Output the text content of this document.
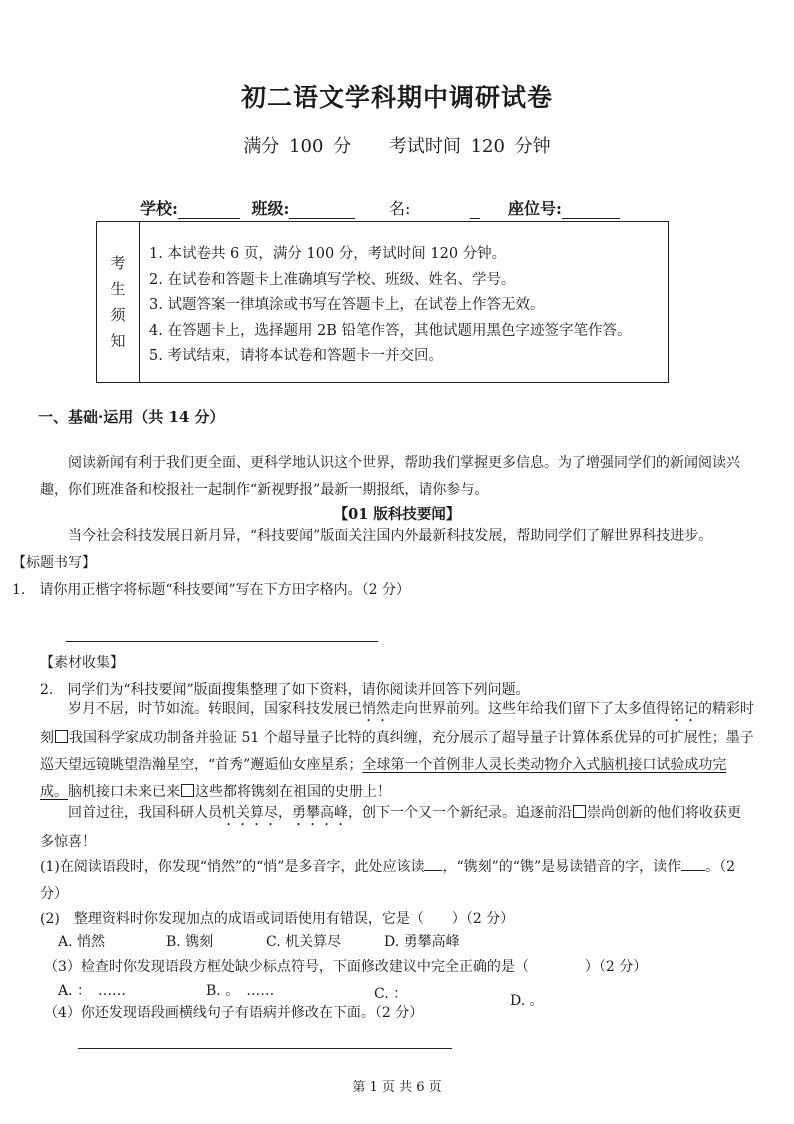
初二语文学科期中调研试卷
满分 100 分 考试时间 120 分钟
学校:	班级:	名:	座位号:
考
生
须
知
1. 本试卷共 6 页，满分 100 分，考试时间 120 分钟。
2. 在试卷和答题卡上准确填写学校、班级、姓名、学号。
3. 试题答案一律填涂或书写在答题卡上，在试卷上作答无效。
4. 在答题卡上，选择题用 2B 铅笔作答，其他试题用黑色字迹签字笔作答。
5. 考试结束，请将本试卷和答题卡一并交回。
一、基础·运用（共 14 分）
阅读新闻有利于我们更全面、更科学地认识这个世界，帮助我们掌握更多信息。为了增强同学们的新闻阅读兴趣，你们班准备和校报社一起制作“新视野报”最新一期报纸，请你参与。
【01 版科技要闻】
当今社会科技发展日新月异，“科技要闻”版面关注国内外最新科技发展，帮助同学们了解世界科技进步。
【标题书写】
1.　请你用正楷字将标题“科技要闻”写在下方田字格内。（2 分）
【素材收集】
2.　同学们为“科技要闻”版面搜集整理了如下资料，请你阅读并回答下列问题。
岁月不居，时节如流。转眼间，国家科技发展已悄然走向世界前列。这些年给我们留下了太多值得铭记的精彩时刻 我国科学家成功制备并验证 51 个超导量子比特的真纠缠，充分展示了超导量子计算体系优异的可扩展性；墨子巡天望远镜眺望浩瀚星空，“首秀”邂逅仙女座星系；全球第一个首例非人灵长类动物介入式脑机接口试验成功完成。脑机接口未来已来 这些都将镌刻在祖国的史册上！
回首过往，我国科研人员机关算尽，勇攀高峰，创下一个又一个新纪录。追逐前沿 崇尚创新的他们将收获更多惊喜！
(1)在阅读语段时，你发现“悄然”的“悄”是多音字，此处应该读 ，“镌刻”的“镌”是易读错音的字，读作 。（2 分）
(2)　整理资料时你发现加点的成语或词语使用有错误，它是（　　）（2 分）
A. 悄然	B. 镌刻	C. 机关算尽	D. 勇攀高峰
（3）检查时你发现语段方框处缺少标点符号，下面修改建议中完全正确的是（　　　　）（2 分）
A. ：　……	B. 。　……	C. ：	D. 。
（4）你还发现语段画横线句子有语病并修改在下面。（2 分）
第 1 页 共 6 页
